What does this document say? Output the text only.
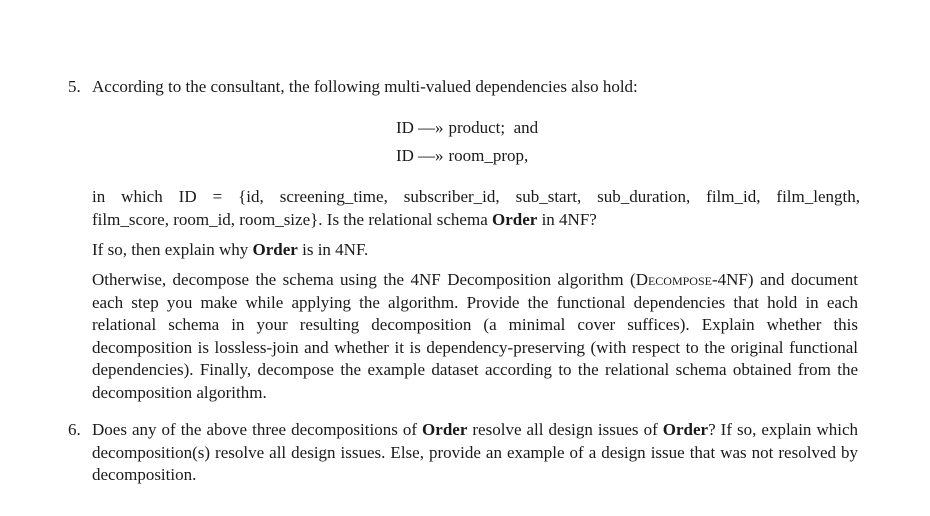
5. According to the consultant, the following multi-valued dependencies also hold:
ID —» product; and
ID —» room_prop,
in which ID = {id, screening_time, subscriber_id, sub_start, sub_duration, film_id, film_length,
film_score, room_id, room_size}. Is the relational schema Order in 4NF?
If so, then explain why Order is in 4NF.
Otherwise, decompose the schema using the 4NF Decomposition algorithm (Decompose-4NF) and document each step you make while applying the algorithm. Provide the functional dependencies that hold in each relational schema in your resulting decomposition (a minimal cover suffices). Explain whether this decomposition is lossless-join and whether it is dependency-preserving (with respect to the original functional dependencies). Finally, decompose the example dataset according to the relational schema obtained from the decomposition algorithm.
6. Does any of the above three decompositions of Order resolve all design issues of Order? If so, explain which decomposition(s) resolve all design issues. Else, provide an example of a design issue that was not resolved by decomposition.
